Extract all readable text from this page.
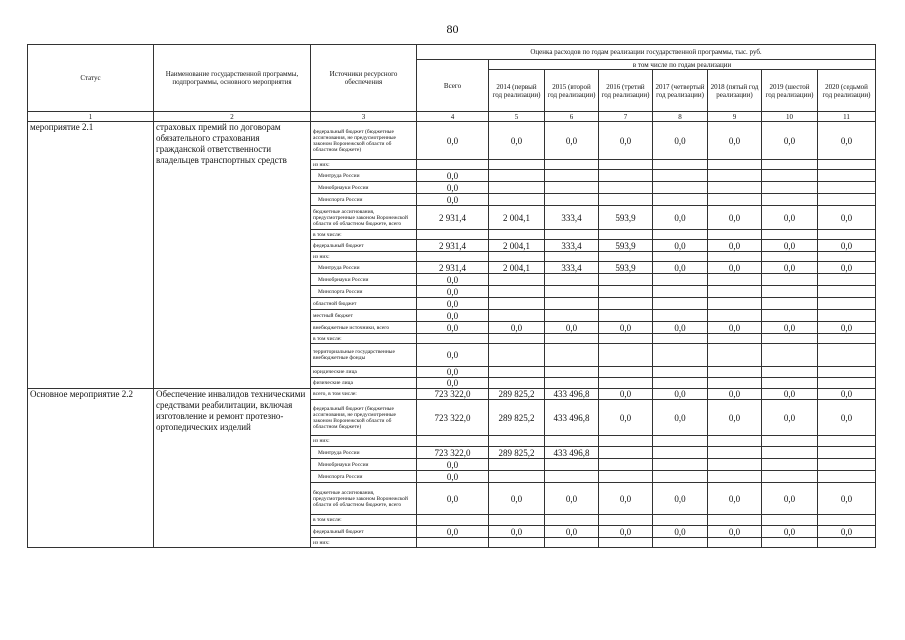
80
Статус	Наименование государственной программы, подпрограммы, основного мероприятия	Источники ресурсного обеспечения	Оценка расходов по годам реализации государственной программы, тыс. руб.							
			Всего	в том числе по годам реализации						
				2014 (первый год реализации)	2015 (второй год реализации)	2016 (третий год реализации)	2017 (четвертый год реализации)	2018 (пятый год реализации)	2019 (шестой год реализации)	2020 (седьмой год реализации)
1	2	3	4	5	6	7	8	9	10	11
мероприятие 2.1	страховых премий по договорам обязательного страхования гражданской ответственности владельцев транспортных средств	федеральный бюджет (бюджетные ассигнования, не предусмотренные законом Воронежской области об областном бюджете)	0,0	0,0	0,0	0,0	0,0	0,0	0,0	0,0
		из них:								
		Минтруда России	0,0							
		Минобрнауки России	0,0							
		Минспорта России	0,0							
		бюджетные ассигнования, предусмотренные законом Воронежской области об областном бюджете, всего	2 931,4	2 004,1	333,4	593,9	0,0	0,0	0,0	0,0
		в том числе:								
		федеральный бюджет	2 931,4	2 004,1	333,4	593,9	0,0	0,0	0,0	0,0
		из них:								
		Минтруда России	2 931,4	2 004,1	333,4	593,9	0,0	0,0	0,0	0,0
		Минобрнауки России	0,0							
		Минспорта России	0,0							
		областной бюджет	0,0							
		местный бюджет	0,0							
		внебюджетные источники, всего	0,0	0,0	0,0	0,0	0,0	0,0	0,0	0,0
		в том числе:								
		территориальные государственные внебюджетные фонды	0,0							
		юридические лица	0,0							
		физические лица	0,0							
Основное мероприятие 2.2	Обеспечение инвалидов техническими средствами реабилитации, включая изготовление и ремонт протезно-ортопедических изделий	всего, в том числе:	723 322,0	289 825,2	433 496,8	0,0	0,0	0,0	0,0	0,0
		федеральный бюджет (бюджетные ассигнования, не предусмотренные законом Воронежской области об областном бюджете)	723 322,0	289 825,2	433 496,8	0,0	0,0	0,0	0,0	0,0
		из них:								
		Минтруда России	723 322,0	289 825,2	433 496,8					
		Минобрнауки России	0,0							
		Минспорта России	0,0							
		бюджетные ассигнования, предусмотренные законом Воронежской области об областном бюджете, всего	0,0	0,0	0,0	0,0	0,0	0,0	0,0	0,0
		в том числе:								
		федеральный бюджет	0,0	0,0	0,0	0,0	0,0	0,0	0,0	0,0
		из них:								
